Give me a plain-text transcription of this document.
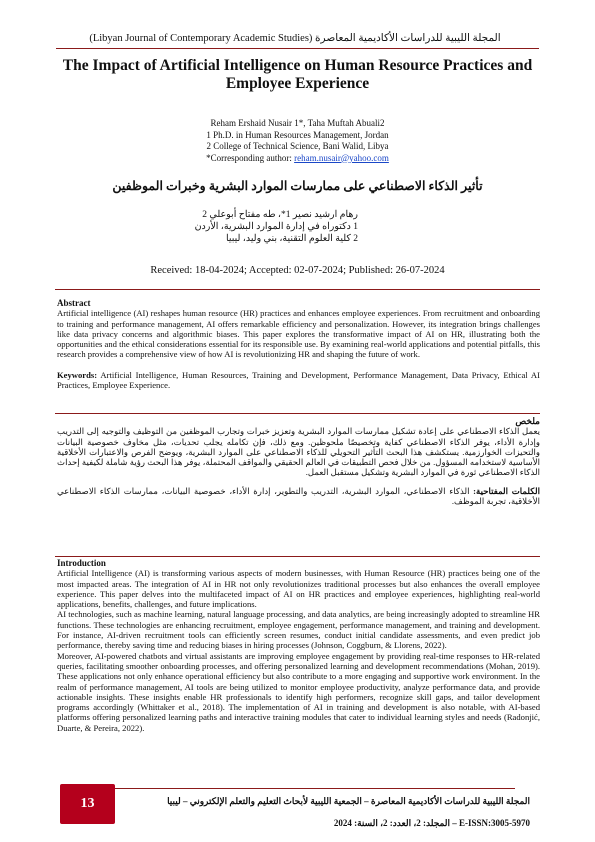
المجلة الليبية للدراسات الأكاديمية المعاصرة (Libyan Journal of Contemporary Academic Studies)
The Impact of Artificial Intelligence on Human Resource Practices and Employee Experience
Reham Ershaid Nusair 1*, Taha Muftah Abuali2
1 Ph.D. in Human Resources Management, Jordan
2 College of Technical Science, Bani Walid, Libya
*Corresponding author: reham.nusair@yahoo.com
تأثير الذكاء الاصطناعي على ممارسات الموارد البشرية وخبرات الموظفين
رهام ارشيد نصير 1*، طه مفتاح أبوعلي 2
1 دكتوراه في إدارة الموارد البشرية، الأردن
2 كلية العلوم التقنية، بني وليد، ليبيا
Received: 18-04-2024; Accepted: 02-07-2024; Published: 26-07-2024
Abstract

Artificial intelligence (AI) reshapes human resource (HR) practices and enhances employee experiences. From recruitment and onboarding to training and performance management, AI offers remarkable efficiency and personalization. However, its integration brings challenges like data privacy concerns and algorithmic biases. This paper explores the transformative impact of AI on HR, illustrating both the opportunities and the ethical considerations essential for its responsible use. By examining real-world applications and potential pitfalls, this research provides a comprehensive view of how AI is revolutionizing HR and shaping the future of work.

Keywords: Artificial Intelligence, Human Resources, Training and Development, Performance Management, Data Privacy, Ethical AI Practices, Employee Experience.

ملخص

يعمل الذكاء الاصطناعي على إعادة تشكيل ممارسات الموارد البشرية وتعزيز خبرات وتجارب الموظفين من التوظيف والتوجيه إلى التدريب وإدارة الأداء، يوفر الذكاء الاصطناعي كفاية وتخصيصًا ملحوظين. ومع ذلك، فإن تكامله يجلب تحديات، مثل مخاوف خصوصية البيانات والتحيزات الخوارزمية. يستكشف هذا البحث التأثير التحويلي للذكاء الاصطناعي على الموارد البشرية، ويوضح الفرص والاعتبارات الأخلاقية الأساسية لاستخدامه المسؤول. من خلال فحص التطبيقات في العالم الحقيقي والمواقف المحتملة، يوفر هذا البحث رؤية شاملة لكيفية إحداث الذكاء الاصطناعي ثورة في الموارد البشرية وتشكيل مستقبل العمل.

الكلمات المفتاحية: الذكاء الاصطناعي، الموارد البشرية، التدريب والتطوير، إدارة الأداء، خصوصية البيانات، ممارسات الذكاء الاصطناعي الأخلاقية، تجربة الموظف.

Introduction

Artificial Intelligence (AI) is transforming various aspects of modern businesses, with Human Resource (HR) practices being one of the most impacted areas. The integration of AI in HR not only revolutionizes traditional processes but also enhances the overall employee experience. This paper delves into the multifaceted impact of AI on HR practices and employee experiences, highlighting real-world applications, benefits, challenges, and future implications.

AI technologies, such as machine learning, natural language processing, and data analytics, are being increasingly adopted to streamline HR functions. These technologies are enhancing recruitment, employee engagement, performance management, and training and development. For instance, AI-driven recruitment tools can efficiently screen resumes, conduct initial candidate assessments, and even predict job performance, thereby saving time and reducing biases in hiring processes (Johnson, Coggburn, & Llorens, 2022).

Moreover, AI-powered chatbots and virtual assistants are improving employee engagement by providing real-time responses to HR-related queries, facilitating smoother onboarding processes, and offering personalized learning and development recommendations (Mohan, 2019). These applications not only enhance operational efficiency but also contribute to a more engaging and supportive work environment. In the realm of performance management, AI tools are being utilized to monitor employee productivity, analyze performance data, and provide actionable insights. These insights enable HR professionals to identify high performers, recognize skill gaps, and tailor development programs accordingly (Whittaker et al., 2018). The implementation of AI in training and development is also notable, with AI-based platforms offering personalized learning paths and interactive training modules that cater to individual learning styles and needs (Radonjić, Duarte, & Pereira, 2022).

13	المجلة الليبية للدراسات الأكاديمية المعاصرة – الجمعية الليبية لأبحاث التعليم والتعلم الإلكتروني – ليبيا
E-ISSN:3005-5970 – المجلد: 2، العدد: 2، السنة: 2024
